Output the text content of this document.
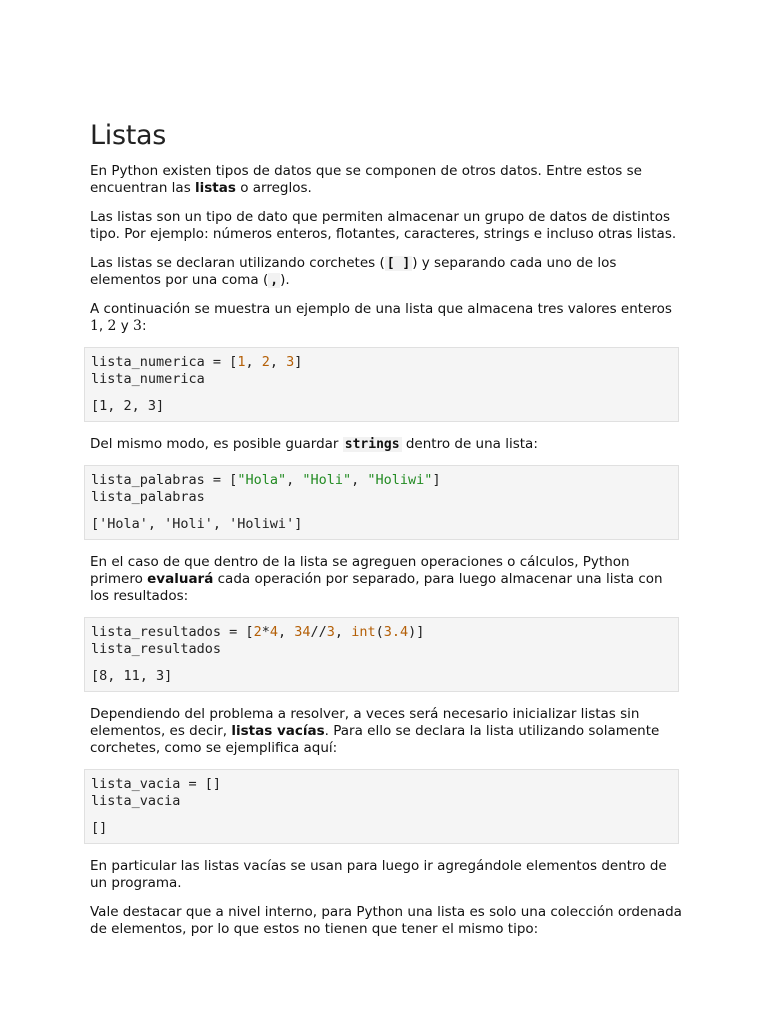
Listas

En Python existen tipos de datos que se componen de otros datos. Entre estos se encuentran las listas o arreglos.

Las listas son un tipo de dato que permiten almacenar un grupo de datos de distintos tipo. Por ejemplo: números enteros, flotantes, caracteres, strings e incluso otras listas.

Las listas se declaran utilizando corchetes ( [ ] ) y separando cada uno de los elementos por una coma ( , ).

A continuación se muestra un ejemplo de una lista que almacena tres valores enteros 1, 2 y 3:

lista_numerica = [1, 2, 3]
lista_numerica
[1, 2, 3]

Del mismo modo, es posible guardar strings dentro de una lista:

lista_palabras = ["Hola", "Holi", "Holiwi"]
lista_palabras
['Hola', 'Holi', 'Holiwi']

En el caso de que dentro de la lista se agreguen operaciones o cálculos, Python primero evaluará cada operación por separado, para luego almacenar una lista con los resultados:

lista_resultados = [2*4, 34//3, int(3.4)]
lista_resultados
[8, 11, 3]

Dependiendo del problema a resolver, a veces será necesario inicializar listas sin elementos, es decir, listas vacías. Para ello se declara la lista utilizando solamente corchetes, como se ejemplifica aquí:

lista_vacia = []
lista_vacia
[]

En particular las listas vacías se usan para luego ir agregándole elementos dentro de un programa.

Vale destacar que a nivel interno, para Python una lista es solo una colección ordenada de elementos, por lo que estos no tienen que tener el mismo tipo:
